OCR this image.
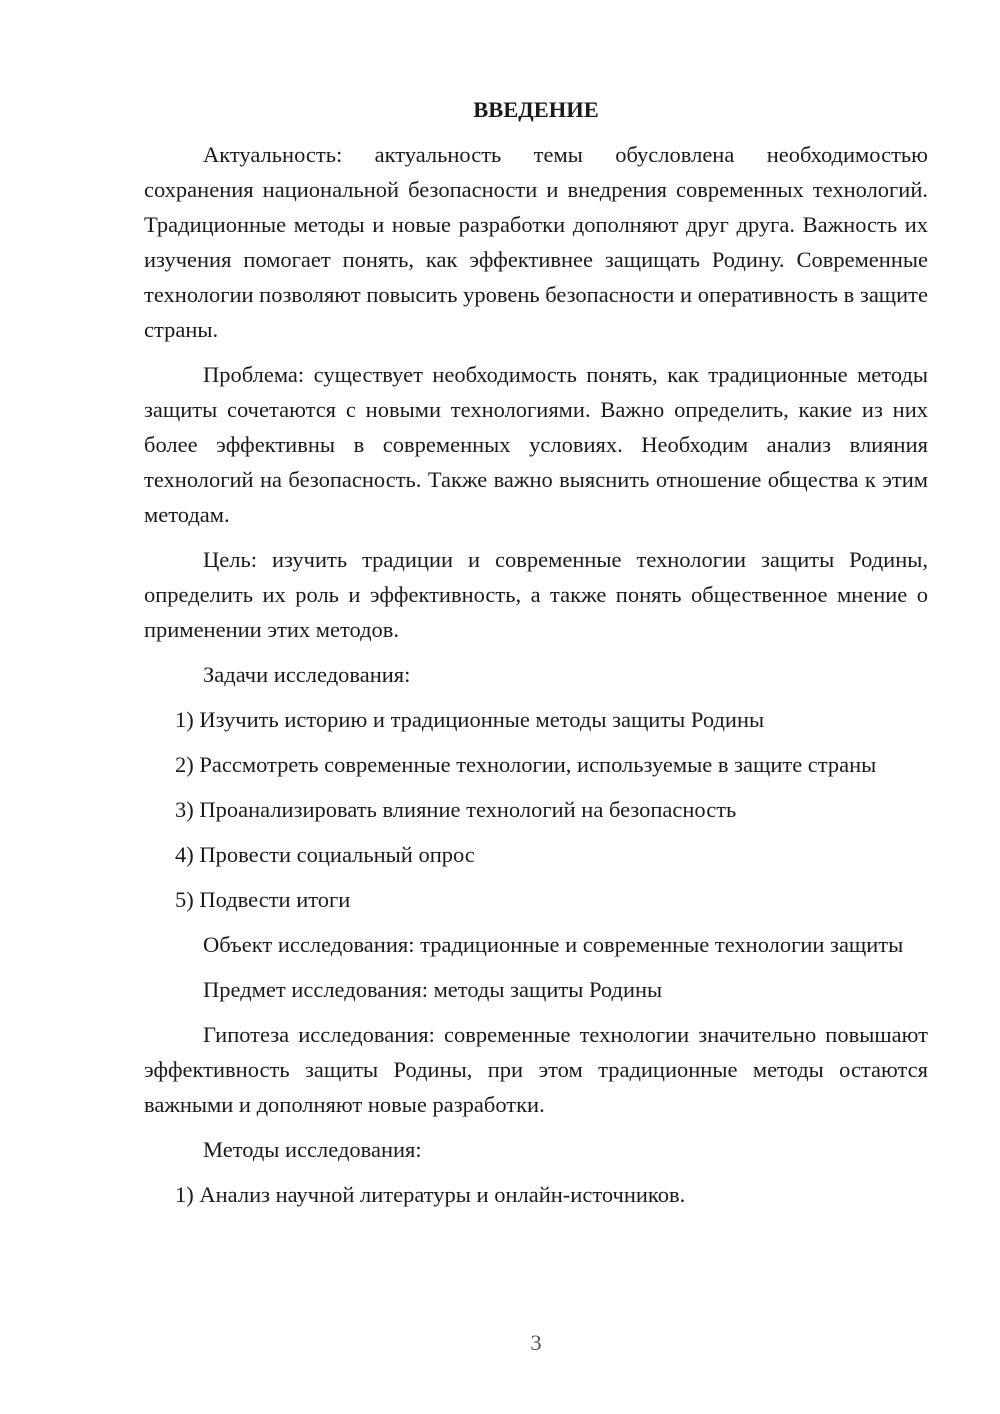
ВВЕДЕНИЕ

Актуальность: актуальность темы обусловлена необходимостью сохранения национальной безопасности и внедрения современных технологий. Традиционные методы и новые разработки дополняют друг друга. Важность их изучения помогает понять, как эффективнее защищать Родину. Современные технологии позволяют повысить уровень безопасности и оперативность в защите страны.

Проблема: существует необходимость понять, как традиционные методы защиты сочетаются с новыми технологиями. Важно определить, какие из них более эффективны в современных условиях. Необходим анализ влияния технологий на безопасность. Также важно выяснить отношение общества к этим методам.

Цель: изучить традиции и современные технологии защиты Родины, определить их роль и эффективность, а также понять общественное мнение о применении этих методов.

Задачи исследования:

1) Изучить историю и традиционные методы защиты Родины

2) Рассмотреть современные технологии, используемые в защите страны

3) Проанализировать влияние технологий на безопасность

4) Провести социальный опрос

5) Подвести итоги

Объект исследования: традиционные и современные технологии защиты

Предмет исследования: методы защиты Родины

Гипотеза исследования: современные технологии значительно повышают эффективность защиты Родины, при этом традиционные методы остаются важными и дополняют новые разработки.

Методы исследования:

1) Анализ научной литературы и онлайн-источников.

3
